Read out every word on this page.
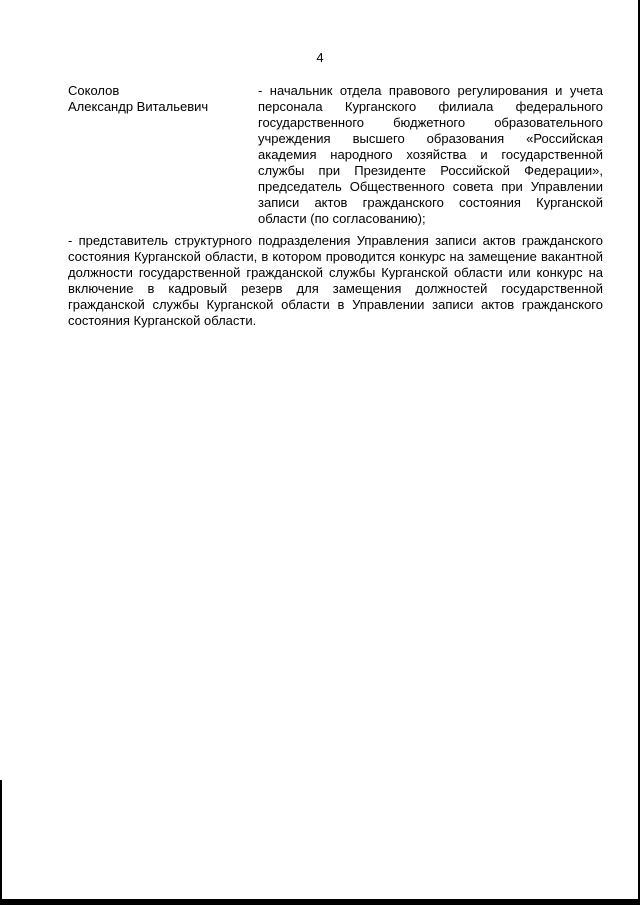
4
Соколов
Александр Витальевич
- начальник отдела правового регулирования и учета персонала Курганского филиала федерального государственного бюджетного образовательного учреждения высшего образования «Российская академия народного хозяйства и государственной службы при Президенте Российской Федерации», председатель Общественного совета при Управлении записи актов гражданского состояния Курганской области (по согласованию);
- представитель структурного подразделения Управления записи актов гражданского состояния Курганской области, в котором проводится конкурс на замещение вакантной должности государственной гражданской службы Курганской области или конкурс на включение в кадровый резерв для замещения должностей государственной гражданской службы Курганской области в Управлении записи актов гражданского состояния Курганской области.
